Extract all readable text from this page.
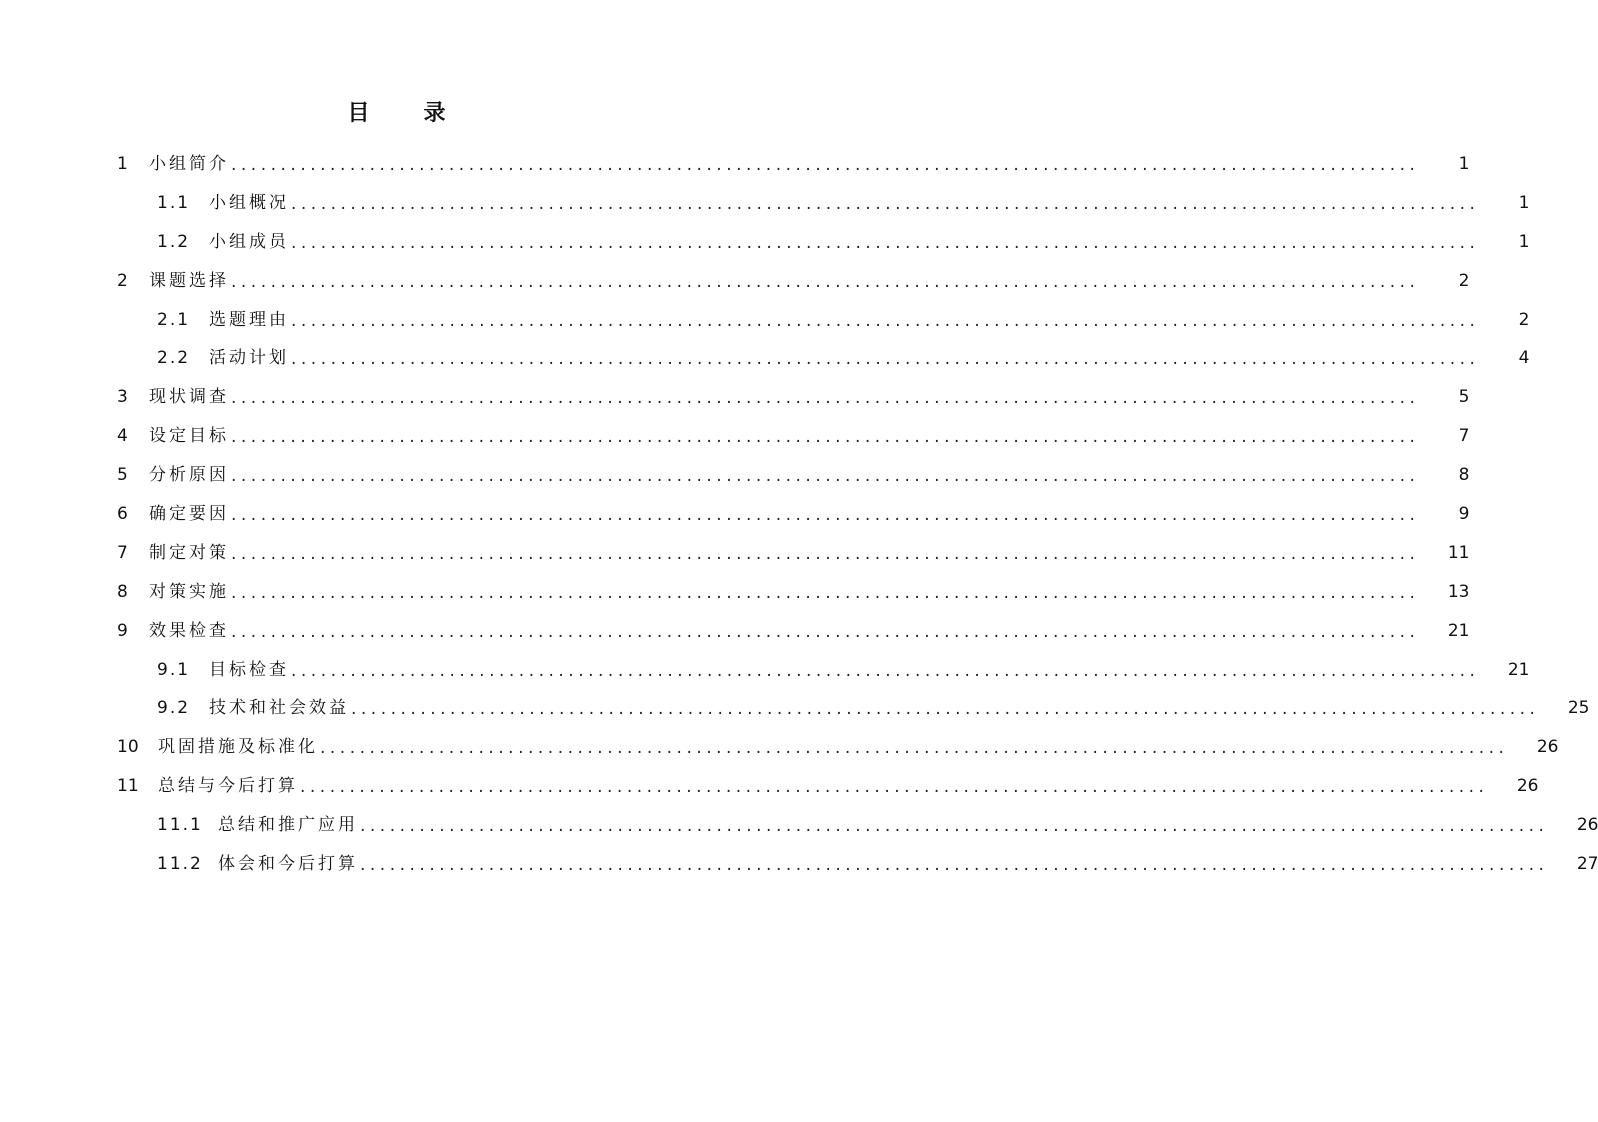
目 录
1	小组简介 ........................................................................................................................	1
1.1	小组概况 ........................................................................................................................	1
1.2	小组成员 ........................................................................................................................	1
2	课题选择 ........................................................................................................................	2
2.1	选题理由 ........................................................................................................................	2
2.2	活动计划 ........................................................................................................................	4
3	现状调查 ........................................................................................................................	5
4	设定目标 ........................................................................................................................	7
5	分析原因 ........................................................................................................................	8
6	确定要因 ........................................................................................................................	9
7	制定对策 ........................................................................................................................	11
8	对策实施 ........................................................................................................................	13
9	效果检查 ........................................................................................................................	21
9.1	目标检查 ........................................................................................................................	21
9.2	技术和社会效益 ........................................................................................................................	25
10	巩固措施及标准化 ........................................................................................................................	26
11	总结与今后打算 ........................................................................................................................	26
11.1 总结和推广应用 ........................................................................................................................	26
11.2 体会和今后打算 ........................................................................................................................	27
